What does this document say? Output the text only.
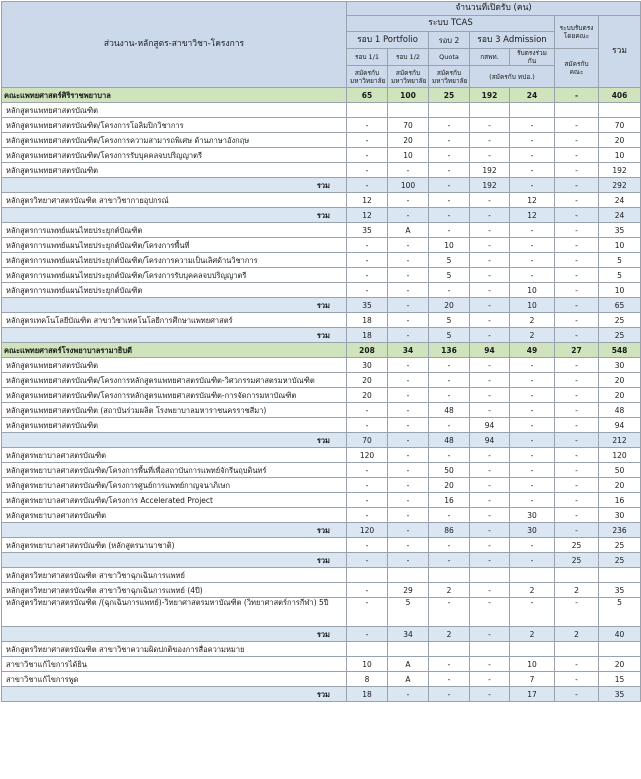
ส่วนงาน-หลักสูตร-สาขาวิชา-โครงการ	จำนวนที่เปิดรับ (คน)						
	ระบบ TCAS					ระบบรับตรงโดยคณะ	รวม
	รอบ 1 Portfolio		รอบ 2	รอบ 3 Admission			
	รอบ 1/1	รอบ 1/2	Quota	กสพท.	รับตรงร่วมกัน	สมัครกับคณะ	
	สมัครกับมหาวิทยาลัย	สมัครกับมหาวิทยาลัย	สมัครกับมหาวิทยาลัย	(สมัครกับ ทปอ.)			
คณะแพทยศาสตร์ศิริราชพยาบาล	65	100	25	192	24	-	406
หลักสูตรแพทยศาสตรบัณฑิต							
หลักสูตรแพทยศาสตรบัณฑิต/โครงการโอลิมปิกวิชาการ	-	70	-	-	-	-	70
หลักสูตรแพทยศาสตรบัณฑิต/โครงการความสามารถพิเศษ ด้านภาษาอังกฤษ	-	20	-	-	-	-	20
หลักสูตรแพทยศาสตรบัณฑิต/โครงการรับบุคคลจบปริญญาตรี	-	10	-	-	-	-	10
หลักสูตรแพทยศาสตรบัณฑิต	-	-	-	192	-	-	192
รวม	-	100	-	192	-	-	292
หลักสูตรวิทยาศาสตรบัณฑิต สาขาวิชากายอุปกรณ์	12	-	-	-	12	-	24
รวม	12	-	-	-	12	-	24
หลักสูตรการแพทย์แผนไทยประยุกต์บัณฑิต	35	A	-	-	-	-	35
หลักสูตรการแพทย์แผนไทยประยุกต์บัณฑิต/โครงการพื้นที่	-	-	10	-	-	-	10
หลักสูตรการแพทย์แผนไทยประยุกต์บัณฑิต/โครงการความเป็นเลิศด้านวิชาการ	-	-	5	-	-	-	5
หลักสูตรการแพทย์แผนไทยประยุกต์บัณฑิต/โครงการรับบุคคลจบปริญญาตรี	-	-	5	-	-	-	5
หลักสูตรการแพทย์แผนไทยประยุกต์บัณฑิต	-	-	-	-	10	-	10
รวม	35	-	20	-	10	-	65
หลักสูตรเทคโนโลยีบัณฑิต สาขาวิชาเทคโนโลยีการศึกษาแพทยศาสตร์	18	-	5	-	2	-	25
รวม	18	-	5	-	2	-	25
คณะแพทยศาสตร์โรงพยาบาลรามาธิบดี	208	34	136	94	49	27	548
หลักสูตรแพทยศาสตรบัณฑิต	30	-	-	-	-	-	30
หลักสูตรแพทยศาสตรบัณฑิต/โครงการหลักสูตรแพทยศาสตรบัณฑิต-วิศวกรรมศาสตรมหาบัณฑิต	20	-	-	-	-	-	20
หลักสูตรแพทยศาสตรบัณฑิต/โครงการหลักสูตรแพทยศาสตรบัณฑิต-การจัดการมหาบัณฑิต	20	-	-	-	-	-	20
หลักสูตรแพทยศาสตรบัณฑิต (สถาบันร่วมผลิต โรงพยาบาลมหาราชนครราชสีมา)	-	-	48	-	-	-	48
หลักสูตรแพทยศาสตรบัณฑิต	-	-	-	94	-	-	94
รวม	70	-	48	94	-	-	212
หลักสูตรพยาบาลศาสตรบัณฑิต	120	-	-	-	-	-	120
หลักสูตรพยาบาลศาสตรบัณฑิต/โครงการพื้นที่เพื่อสถาบันการแพทย์จักรีนฤบดินทร์	-	-	50	-	-	-	50
หลักสูตรพยาบาลศาสตรบัณฑิต/โครงการศูนย์การแพทย์กาญจนาภิเษก	-	-	20	-	-	-	20
หลักสูตรพยาบาลศาสตรบัณฑิต/โครงการ Accelerated Project	-	-	16	-	-	-	16
หลักสูตรพยาบาลศาสตรบัณฑิต	-	-	-	-	30	-	30
รวม	120	-	86	-	30	-	236
หลักสูตรพยาบาลศาสตรบัณฑิต (หลักสูตรนานาชาติ)	-	-	-	-	-	25	25
รวม	-	-	-	-	-	25	25
หลักสูตรวิทยาศาสตรบัณฑิต สาขาวิชาฉุกเฉินการแพทย์							
หลักสูตรวิทยาศาสตรบัณฑิต สาขาวิชาฉุกเฉินการแพทย์ (4ปี)	-	29	2	-	2	2	35
หลักสูตรวิทยาศาสตรบัณฑิต /(ฉุกเฉินการแพทย์)-วิทยาศาสตรมหาบัณฑิต (วิทยาศาสตร์การกีฬา) 5ปี	-	5	-	-	-	-	5
รวม	-	34	2	-	2	2	40
หลักสูตรวิทยาศาสตรบัณฑิต สาขาวิชาความผิดปกติของการสื่อความหมาย							
สาขาวิชาแก้ไขการได้ยิน	10	A	-	-	10	-	20
สาขาวิชาแก้ไขการพูด	8	A	-	-	7	-	15
รวม	18	-	-	-	17	-	35
